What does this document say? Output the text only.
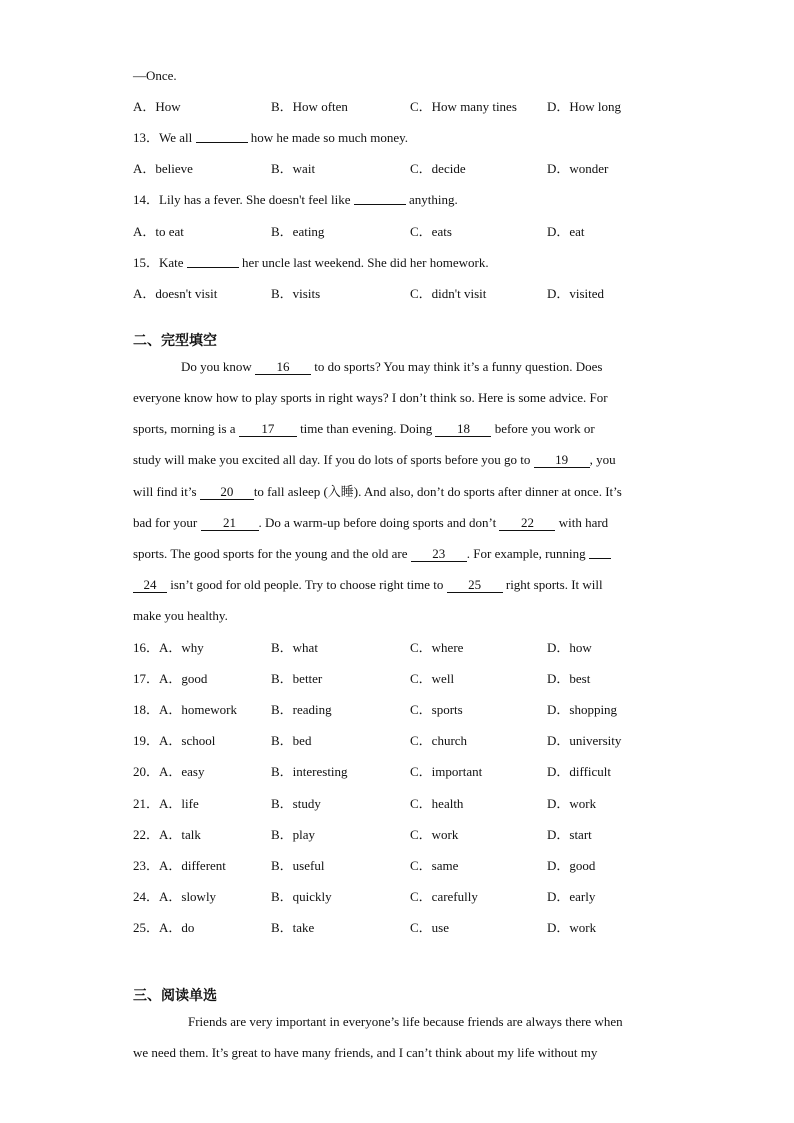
—Once.
A．How	B．How often	C．How many tines D．How long
13．We all	how he made so much money.
A．believe	B．wait	C．decide	D．wonder
14．Lily has a fever. She doesn't feel like	anything.
A．to eat	B．eating	C．eats	D．eat
15．Kate	her uncle last weekend. She did her homework.
A．doesn't visit	B．visits	C．didn't visit	D．visited
二、完型填空
Do you know 16 to do sports? You may think it’s a funny question. Does
everyone know how to play sports in right ways? I don’t think so. Here is some advice. For
sports, morning is a 17 time than evening. Doing 18 before you work or
study will make you excited all day. If you do lots of sports before you go to 19 , you
will find it’s 20 to fall asleep (入睡). And also, don’t do sports after dinner at once. It’s
bad for your 21 . Do a warm-up before doing sports and don’t 22 with hard
sports. The good sports for the young and the old are 23 . For example, running
24 isn’t good for old people. Try to choose right time to 25 right sports. It will
make you healthy.
16．A．why	B．what	C．where	D．how
17．A．good	B．better	C．well	D．best
18．A．homework	B．reading	C．sports	D．shopping
19．A．school	B．bed	C．church	D．university
20．A．easy	B．interesting	C．important	D．difficult
21．A．life	B．study	C．health	D．work
22．A．talk	B．play	C．work	D．start
23．A．different	B．useful	C．same	D．good
24．A．slowly	B．quickly	C．carefully	D．early
25．A．do	B．take	C．use	D．work
三、阅读单选
Friends are very important in everyone’s life because friends are always there when
we need them. It’s great to have many friends, and I can’t think about my life without my
